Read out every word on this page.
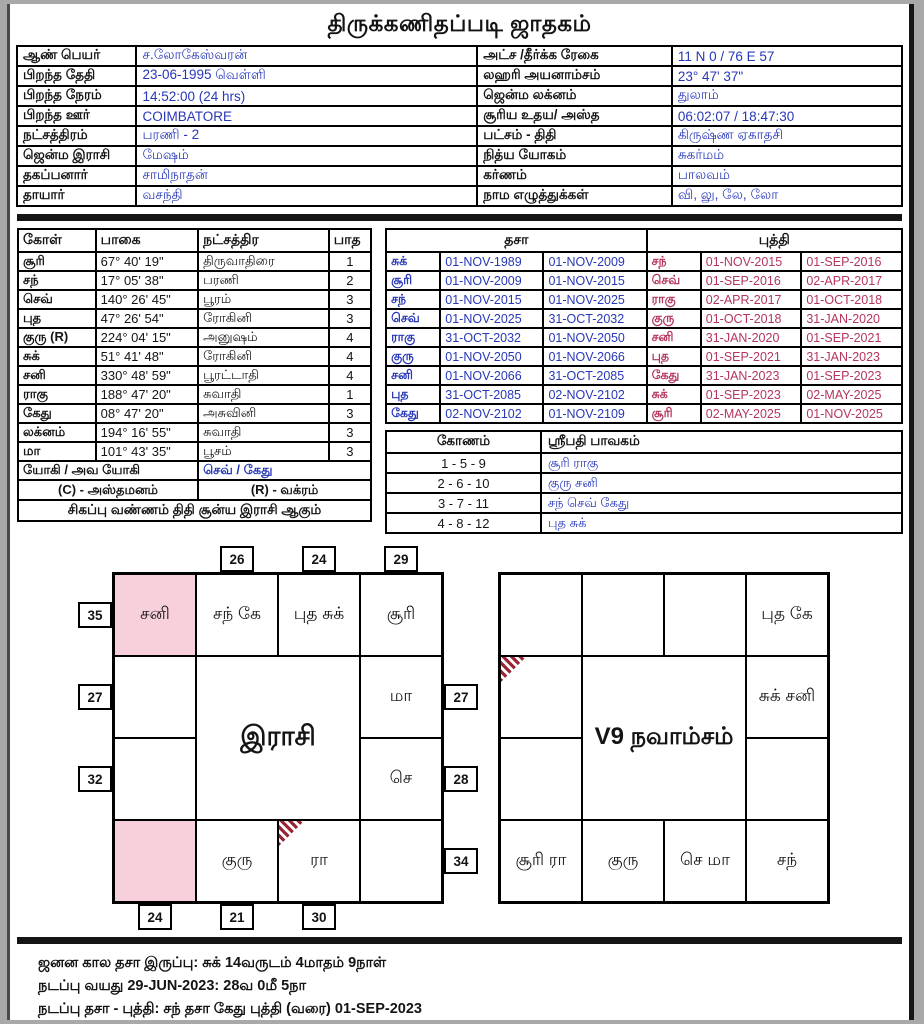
திருக்கணிதப்படி ஜாதகம்
ஆண் பெயர்	ச.லோகேஸ்வரன்	அட்ச /தீர்க்க ரேகை	11 N 0 / 76 E 57
பிறந்த தேதி	23-06-1995 வெள்ளி	லஹரி அயனாம்சம்	23° 47' 37"
பிறந்த நேரம்	14:52:00 (24 hrs)	ஜென்ம லக்னம்	துலாம்
பிறந்த ஊர்	COIMBATORE	சூரிய உதய/ அஸ்த	06:02:07 / 18:47:30
நட்சத்திரம்	பரணி - 2	பட்சம் - திதி	கிருஷ்ண ஏகாதசி
ஜென்ம இராசி	மேஷம்	நித்ய யோகம்	சுகர்மம்
தகப்பனார்	சாமிநாதன்	கர்ணம்	பாலவம்
தாயார்	வசந்தி	நாம எழுத்துக்கள்	வி, லு, லே, லோ
கோள்	பாகை	நட்சத்திர	பாத
சூரி	67° 40' 19"	திருவாதிரை	1
சந்	17° 05' 38"	பரணி	2
செவ்	140° 26' 45"	பூரம்	3
புத	47° 26' 54"	ரோகினி	3
குரு (R)	224° 04' 15"	அனுஷம்	4
சுக்	51° 41' 48"	ரோகினி	4
சனி	330° 48' 59"	பூரட்டாதி	4
ராகு	188° 47' 20"	சுவாதி	1
கேது	08° 47' 20"	அசுவினி	3
லக்னம்	194° 16' 55"	சுவாதி	3
மா	101° 43' 35"	பூசம்	3
யோகி / அவ யோகி		செவ் / கேது	
(C) - அஸ்தமனம்		(R) - வக்ரம்	
சிகப்பு வண்ணம் திதி சூன்ய இராசி ஆகும்			
தசா			புத்தி		
சுக்	01-NOV-1989	01-NOV-2009	சந்	01-NOV-2015	01-SEP-2016
சூரி	01-NOV-2009	01-NOV-2015	செவ்	01-SEP-2016	02-APR-2017
சந்	01-NOV-2015	01-NOV-2025	ராகு	02-APR-2017	01-OCT-2018
செவ்	01-NOV-2025	31-OCT-2032	குரு	01-OCT-2018	31-JAN-2020
ராகு	31-OCT-2032	01-NOV-2050	சனி	31-JAN-2020	01-SEP-2021
குரு	01-NOV-2050	01-NOV-2066	புத	01-SEP-2021	31-JAN-2023
சனி	01-NOV-2066	31-OCT-2085	கேது	31-JAN-2023	01-SEP-2023
புத	31-OCT-2085	02-NOV-2102	சுக்	01-SEP-2023	02-MAY-2025
கேது	02-NOV-2102	01-NOV-2109	சூரி	02-MAY-2025	01-NOV-2025
கோணம்	ஸ்ரீபதி பாவகம்
1 - 5 - 9	சூரி ராகு
2 - 6 - 10	குரு சனி
3 - 7 - 11	சந் செவ் கேது
4 - 8 - 12	புத சுக்
சனி	சந் கே புத சுக்	சூரி
மா
செ
குரு	ரா
இராசி
26	24	29
35
27
32
27
28
34
24	21	30
புத கே
சுக் சனி
சூரி ரா குரு செ மா	சந்
V9 நவாம்சம்
ஜனன கால தசா இருப்பு: சுக் 14வருடம் 4மாதம் 9நாள்
நடப்பு வயது 29-JUN-2023: 28வ 0மீ 5நா
நடப்பு தசா - புத்தி: சந் தசா கேது புத்தி (வரை) 01-SEP-2023
